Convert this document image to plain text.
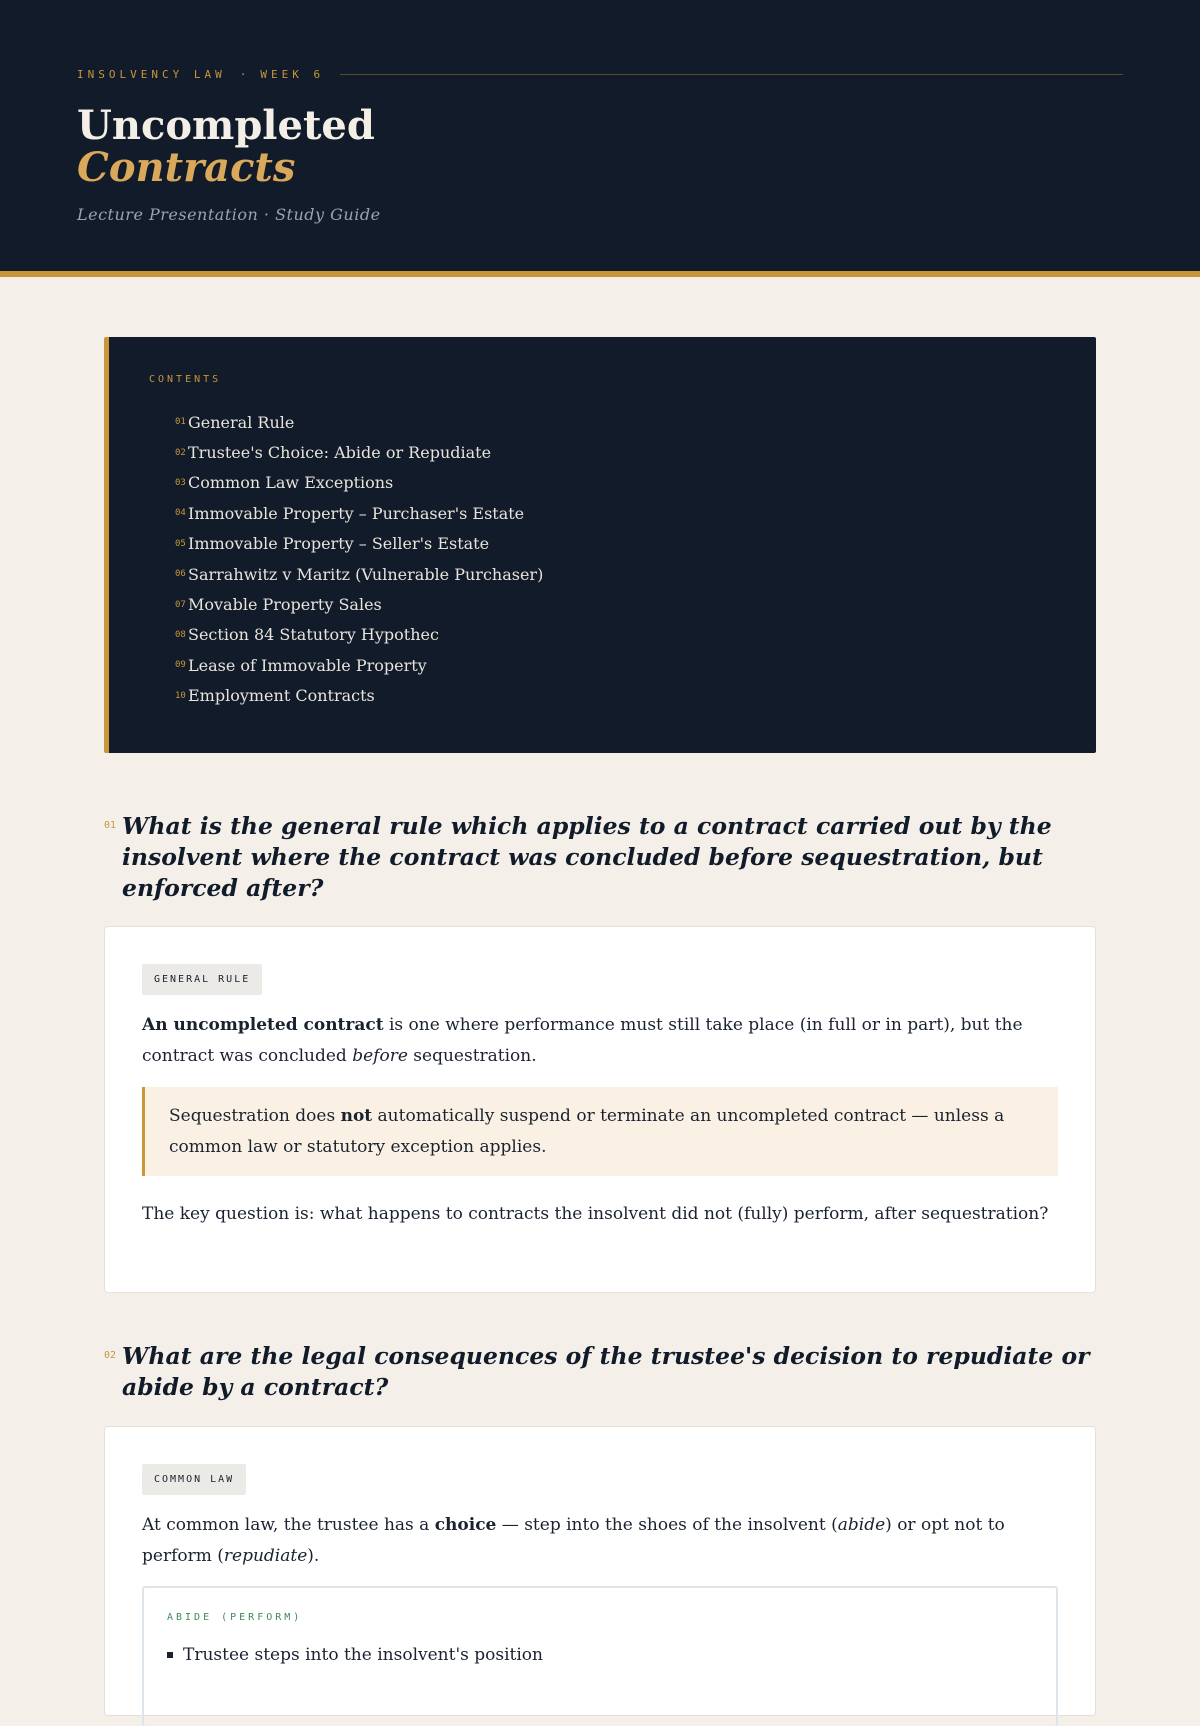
INSOLVENCY LAW · WEEK 6
Uncompleted
Contracts
Lecture Presentation · Study Guide
CONTENTS
01 General Rule
02 Trustee's Choice: Abide or Repudiate
03 Common Law Exceptions
04 Immovable Property – Purchaser's Estate
05 Immovable Property – Seller's Estate
06 Sarrahwitz v Maritz (Vulnerable Purchaser)
07 Movable Property Sales
08 Section 84 Statutory Hypothec
09 Lease of Immovable Property
10 Employment Contracts
01 What is the general rule which applies to a contract carried out by the insolvent where the contract was concluded before sequestration, but enforced after?
GENERAL RULE
An uncompleted contract is one where performance must still take place (in full or in part), but the contract was concluded before sequestration.
Sequestration does not automatically suspend or terminate an uncompleted contract — unless a common law or statutory exception applies.
The key question is: what happens to contracts the insolvent did not (fully) perform, after sequestration?
02 What are the legal consequences of the trustee's decision to repudiate or abide by a contract?
COMMON LAW
At common law, the trustee has a choice — step into the shoes of the insolvent (abide) or opt not to perform (repudiate).
ABIDE (PERFORM)
Trustee steps into the insolvent's position
